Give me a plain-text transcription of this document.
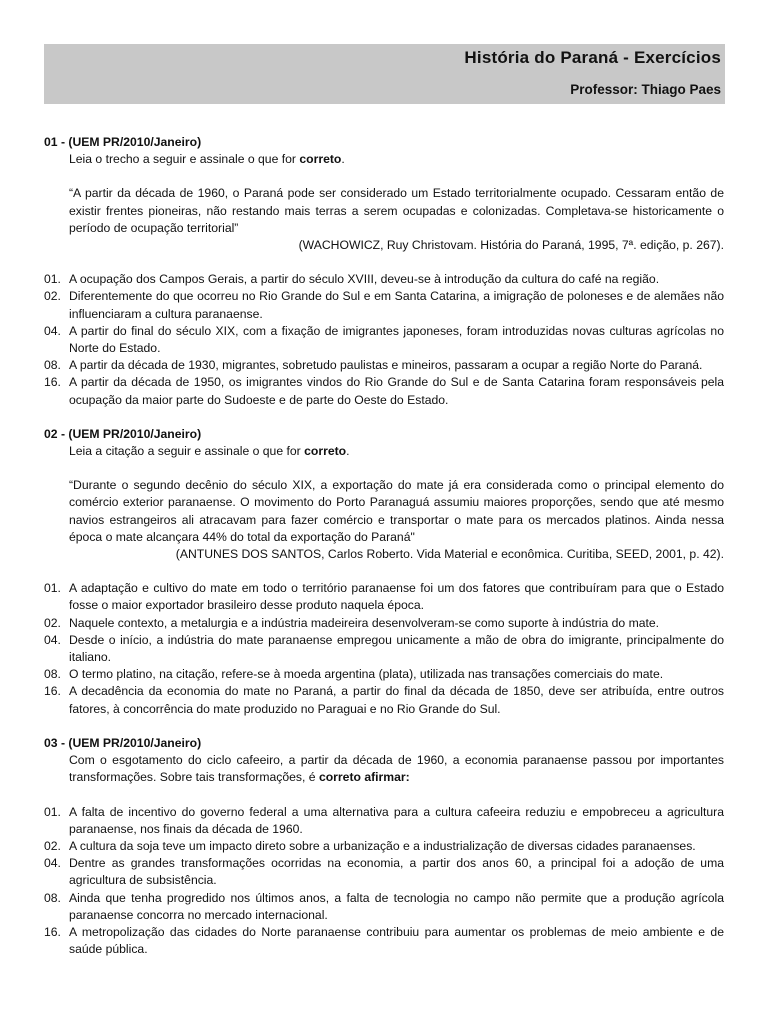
História do Paraná - Exercícios
Professor: Thiago Paes
01 - (UEM PR/2010/Janeiro)
Leia o trecho a seguir e assinale o que for correto.
“A partir da década de 1960, o Paraná pode ser considerado um Estado territorialmente ocupado. Cessaram então de existir frentes pioneiras, não restando mais terras a serem ocupadas e colonizadas. Completava-se historicamente o período de ocupação territorial”
(WACHOWICZ, Ruy Christovam. História do Paraná, 1995, 7ª. edição, p. 267).
01. A ocupação dos Campos Gerais, a partir do século XVIII, deveu-se à introdução da cultura do café na região.
02. Diferentemente do que ocorreu no Rio Grande do Sul e em Santa Catarina, a imigração de poloneses e de alemães não influenciaram a cultura paranaense.
04. A partir do final do século XIX, com a fixação de imigrantes japoneses, foram introduzidas novas culturas agrícolas no Norte do Estado.
08. A partir da década de 1930, migrantes, sobretudo paulistas e mineiros, passaram a ocupar a região Norte do Paraná.
16. A partir da década de 1950, os imigrantes vindos do Rio Grande do Sul e de Santa Catarina foram responsáveis pela ocupação da maior parte do Sudoeste e de parte do Oeste do Estado.
02 - (UEM PR/2010/Janeiro)
Leia a citação a seguir e assinale o que for correto.
“Durante o segundo decênio do século XIX, a exportação do mate já era considerada como o principal elemento do comércio exterior paranaense. O movimento do Porto Paranaguá assumiu maiores proporções, sendo que até mesmo navios estrangeiros ali atracavam para fazer comércio e transportar o mate para os mercados platinos. Ainda nessa época o mate alcançara 44% do total da exportação do Paraná"
(ANTUNES DOS SANTOS, Carlos Roberto. Vida Material e econômica. Curitiba, SEED, 2001, p. 42).
01. A adaptação e cultivo do mate em todo o território paranaense foi um dos fatores que contribuíram para que o Estado fosse o maior exportador brasileiro desse produto naquela época.
02. Naquele contexto, a metalurgia e a indústria madeireira desenvolveram-se como suporte à indústria do mate.
04. Desde o início, a indústria do mate paranaense empregou unicamente a mão de obra do imigrante, principalmente do italiano.
08. O termo platino, na citação, refere-se à moeda argentina (plata), utilizada nas transações comerciais do mate.
16. A decadência da economia do mate no Paraná, a partir do final da década de 1850, deve ser atribuída, entre outros fatores, à concorrência do mate produzido no Paraguai e no Rio Grande do Sul.
03 - (UEM PR/2010/Janeiro)
Com o esgotamento do ciclo cafeeiro, a partir da década de 1960, a economia paranaense passou por importantes transformações. Sobre tais transformações, é correto afirmar:
01. A falta de incentivo do governo federal a uma alternativa para a cultura cafeeira reduziu e empobreceu a agricultura paranaense, nos finais da década de 1960.
02. A cultura da soja teve um impacto direto sobre a urbanização e a industrialização de diversas cidades paranaenses.
04. Dentre as grandes transformações ocorridas na economia, a partir dos anos 60, a principal foi a adoção de uma agricultura de subsistência.
08. Ainda que tenha progredido nos últimos anos, a falta de tecnologia no campo não permite que a produção agrícola paranaense concorra no mercado internacional.
16. A metropolização das cidades do Norte paranaense contribuiu para aumentar os problemas de meio ambiente e de saúde pública.
